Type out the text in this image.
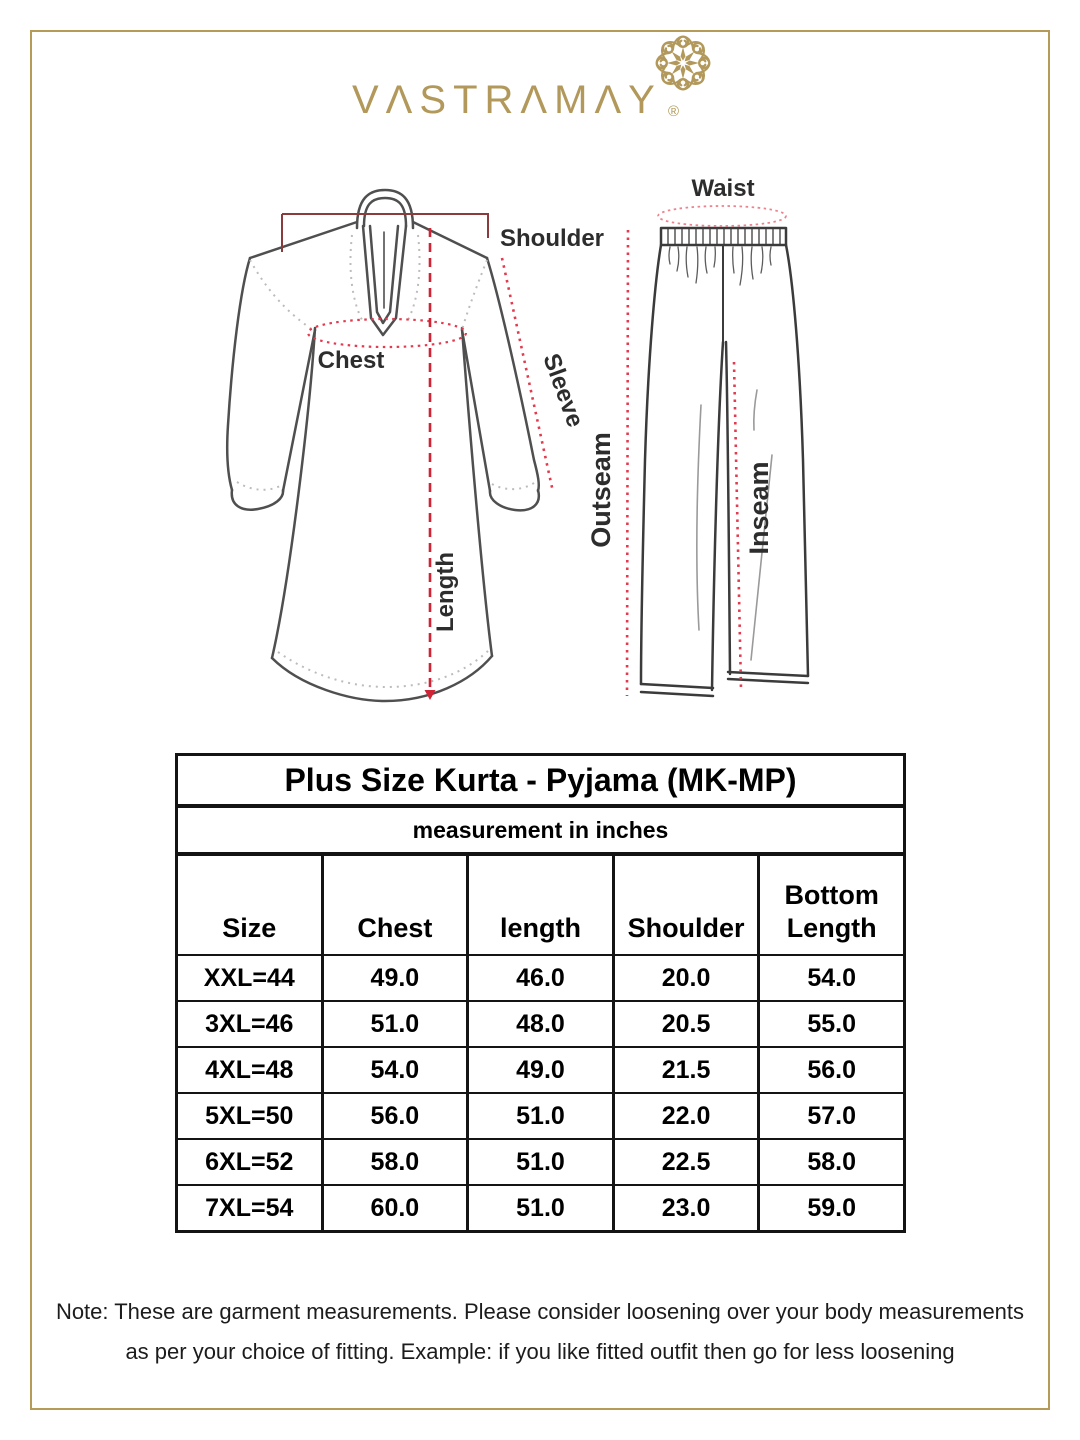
VΛSTRΛMΛY ®
Shoulder
Chest	Sleeve
Length
Waist
Outseam	Inseam
Plus Size Kurta - Pyjama (MK-MP)				
measurement in inches				
Size	Chest	length	Shoulder	Bottom Length
XXL=44	49.0	46.0	20.0	54.0
3XL=46	51.0	48.0	20.5	55.0
4XL=48	54.0	49.0	21.5	56.0
5XL=50	56.0	51.0	22.0	57.0
6XL=52	58.0	51.0	22.5	58.0
7XL=54	60.0	51.0	23.0	59.0
Note: These are garment measurements. Please consider loosening over your body measurements
as per your choice of fitting. Example: if you like fitted outfit then go for less loosening
